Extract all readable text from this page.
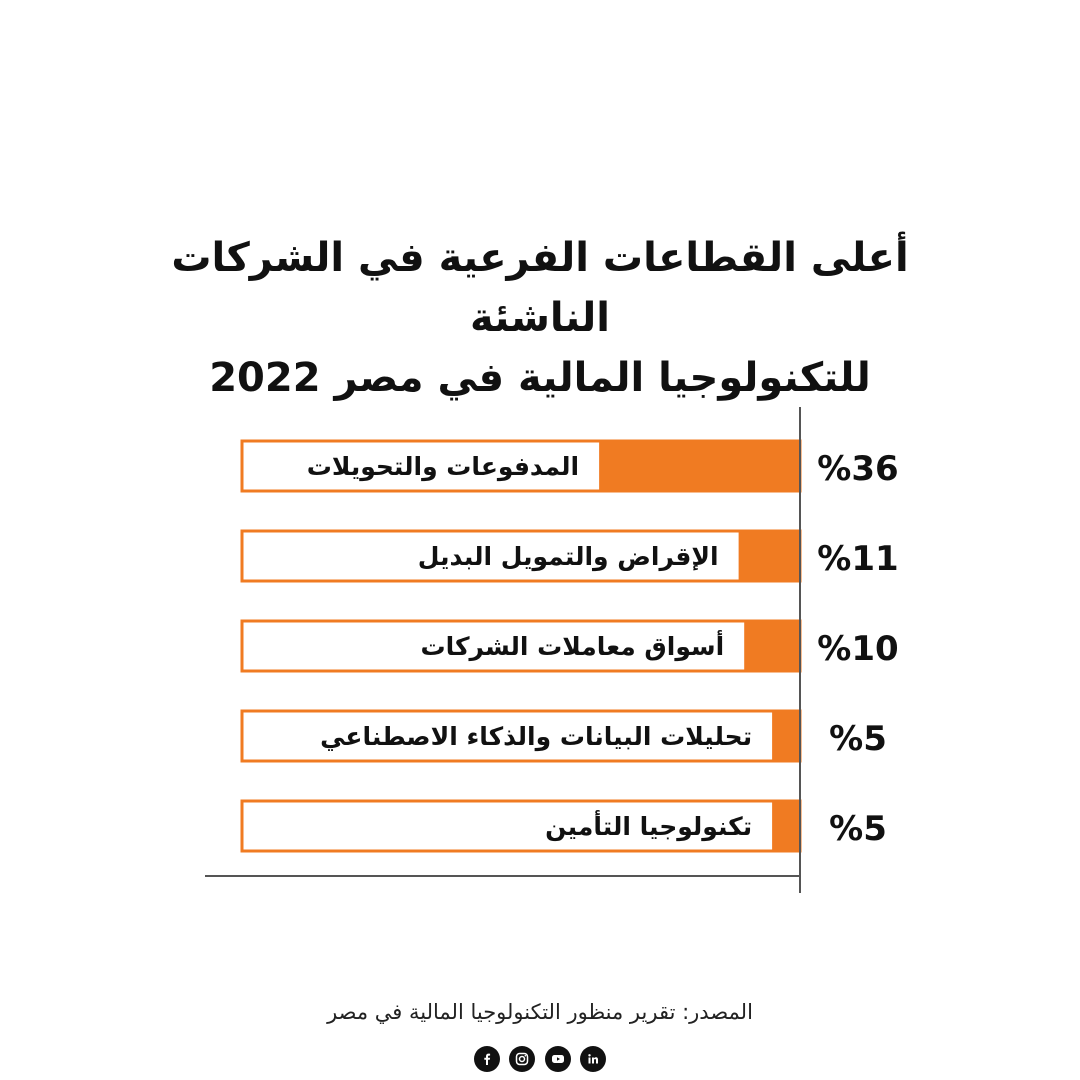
أعلى القطاعات الفرعية في الشركات الناشئة
للتكنولوجيا المالية في مصر 2022
المدفوعات والتحويلات	%36
الإقراض والتمويل البديل	%11
أسواق معاملات الشركات	%10
تحليلات البيانات والذكاء الاصطناعي %5
تكنولوجيا التأمين %5
المصدر: تقرير منظور التكنولوجيا المالية في مصر
